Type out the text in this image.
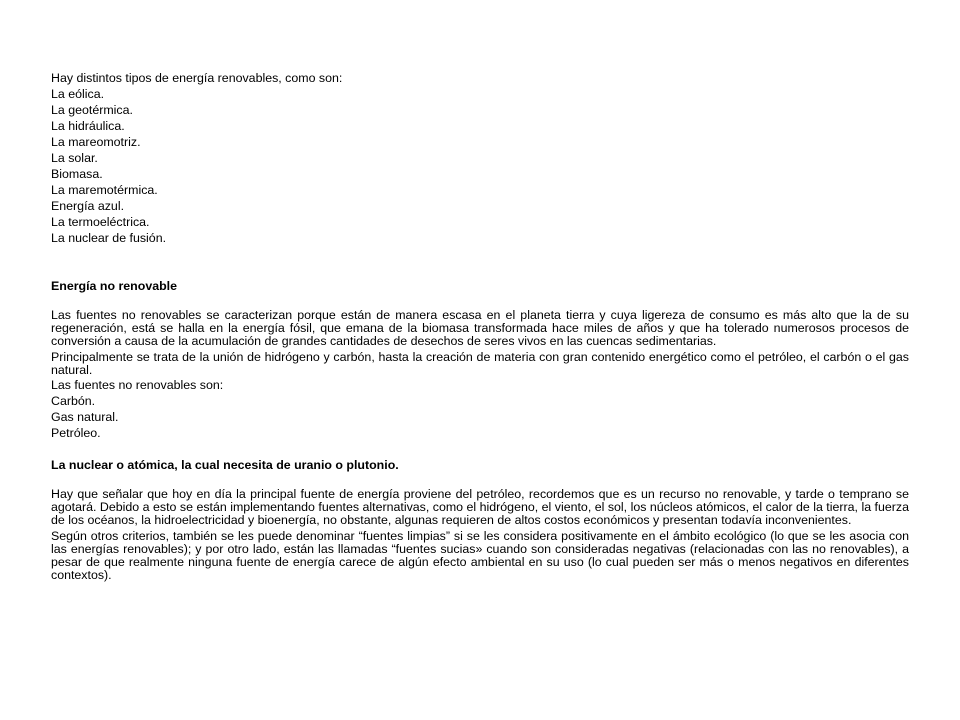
Hay distintos tipos de energía renovables, como son:

La eólica.

La geotérmica.

La hidráulica.

La mareomotriz.

La solar.

Biomasa.

La maremotérmica.

Energía azul.

La termoeléctrica.

La nuclear de fusión.

Energía no renovable

Las fuentes no renovables se caracterizan porque están de manera escasa en el planeta tierra y cuya ligereza de consumo es más alto que la de su regeneración, está se halla en la energía fósil, que emana de la biomasa transformada hace miles de años y que ha tolerado numerosos procesos de conversión a causa de la acumulación de grandes cantidades de desechos de seres vivos en las cuencas sedimentarias.

Principalmente se trata de la unión de hidrógeno y carbón, hasta la creación de materia con gran contenido energético como el petróleo, el carbón o el gas natural.

Las fuentes no renovables son:

Carbón.

Gas natural.

Petróleo.

La nuclear o atómica, la cual necesita de uranio o plutonio.

Hay que señalar que hoy en día la principal fuente de energía proviene del petróleo, recordemos que es un recurso no renovable, y tarde o temprano se agotará. Debido a esto se están implementando fuentes alternativas, como el hidrógeno, el viento, el sol, los núcleos atómicos, el calor de la tierra, la fuerza de los océanos, la hidroelectricidad y bioenergía, no obstante, algunas requieren de altos costos económicos y presentan todavía inconvenientes.

Según otros criterios, también se les puede denominar “fuentes limpias” si se les considera positivamente en el ámbito ecológico (lo que se les asocia con las energías renovables); y por otro lado, están las llamadas “fuentes sucias» cuando son consideradas negativas (relacionadas con las no renovables), a pesar de que realmente ninguna fuente de energía carece de algún efecto ambiental en su uso (lo cual pueden ser más o menos negativos en diferentes contextos).
